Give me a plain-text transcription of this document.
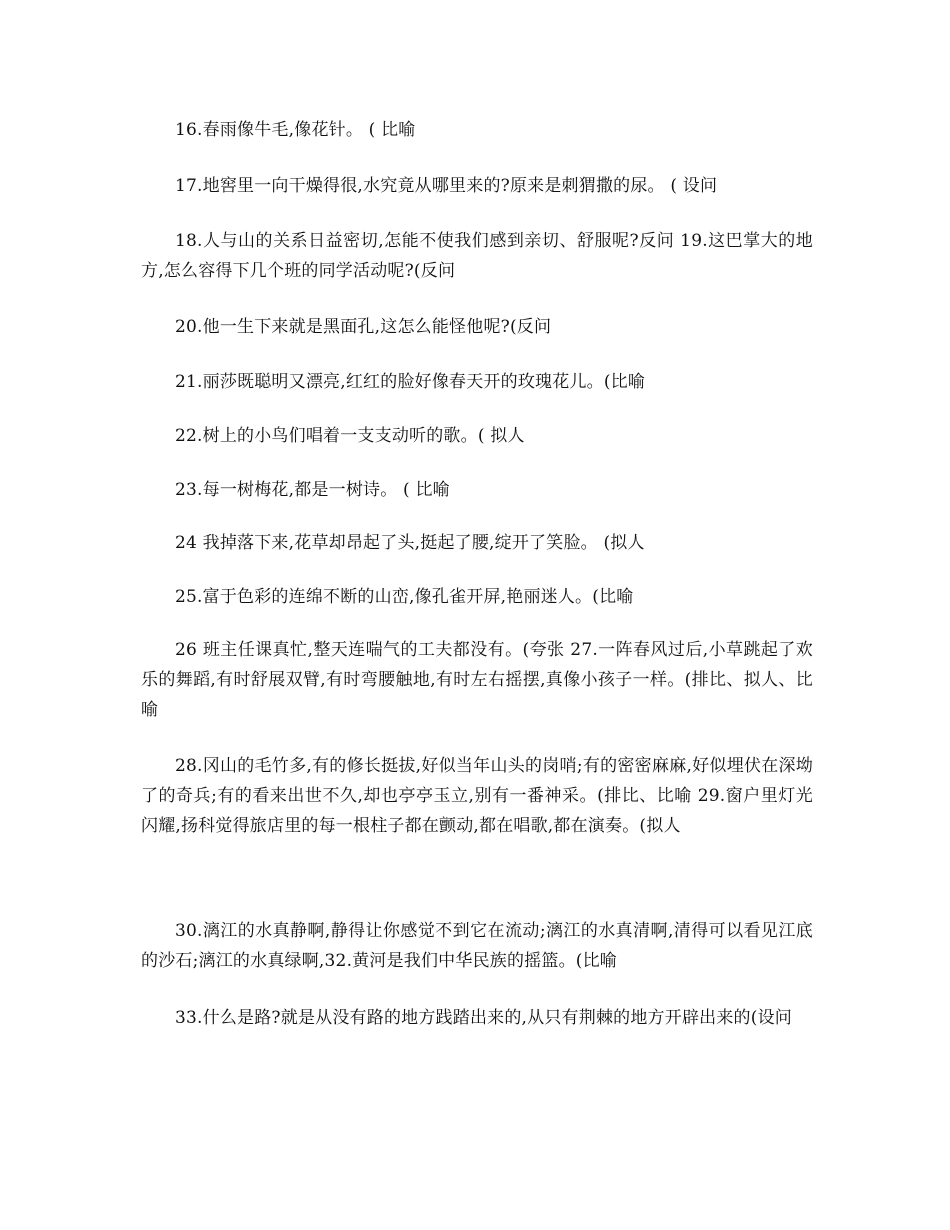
16.春雨像牛毛,像花针。 ( 比喻

17.地窖里一向干燥得很,水究竟从哪里来的?原来是刺猬撒的尿。 ( 设问

18.人与山的关系日益密切,怎能不使我们感到亲切、舒服呢?反问 19.这巴掌大的地方,怎么容得下几个班的同学活动呢?(反问

20.他一生下来就是黑面孔,这怎么能怪他呢?(反问

21.丽莎既聪明又漂亮,红红的脸好像春天开的玫瑰花儿。(比喻

22.树上的小鸟们唱着一支支动听的歌。( 拟人

23.每一树梅花,都是一树诗。 ( 比喻

24 我掉落下来,花草却昂起了头,挺起了腰,绽开了笑脸。 (拟人

25.富于色彩的连绵不断的山峦,像孔雀开屏,艳丽迷人。(比喻

26 班主任课真忙,整天连喘气的工夫都没有。(夸张 27.一阵春风过后,小草跳起了欢乐的舞蹈,有时舒展双臂,有时弯腰触地,有时左右摇摆,真像小孩子一样。(排比、拟人、比喻

28.冈山的毛竹多,有的修长挺拔,好似当年山头的岗哨;有的密密麻麻,好似埋伏在深坳了的奇兵;有的看来出世不久,却也亭亭玉立,别有一番神采。(排比、比喻 29.窗户里灯光闪耀,扬科觉得旅店里的每一根柱子都在颤动,都在唱歌,都在演奏。(拟人

30.漓江的水真静啊,静得让你感觉不到它在流动;漓江的水真清啊,清得可以看见江底的沙石;漓江的水真绿啊,32.黄河是我们中华民族的摇篮。(比喻

33.什么是路?就是从没有路的地方践踏出来的,从只有荆棘的地方开辟出来的(设问
